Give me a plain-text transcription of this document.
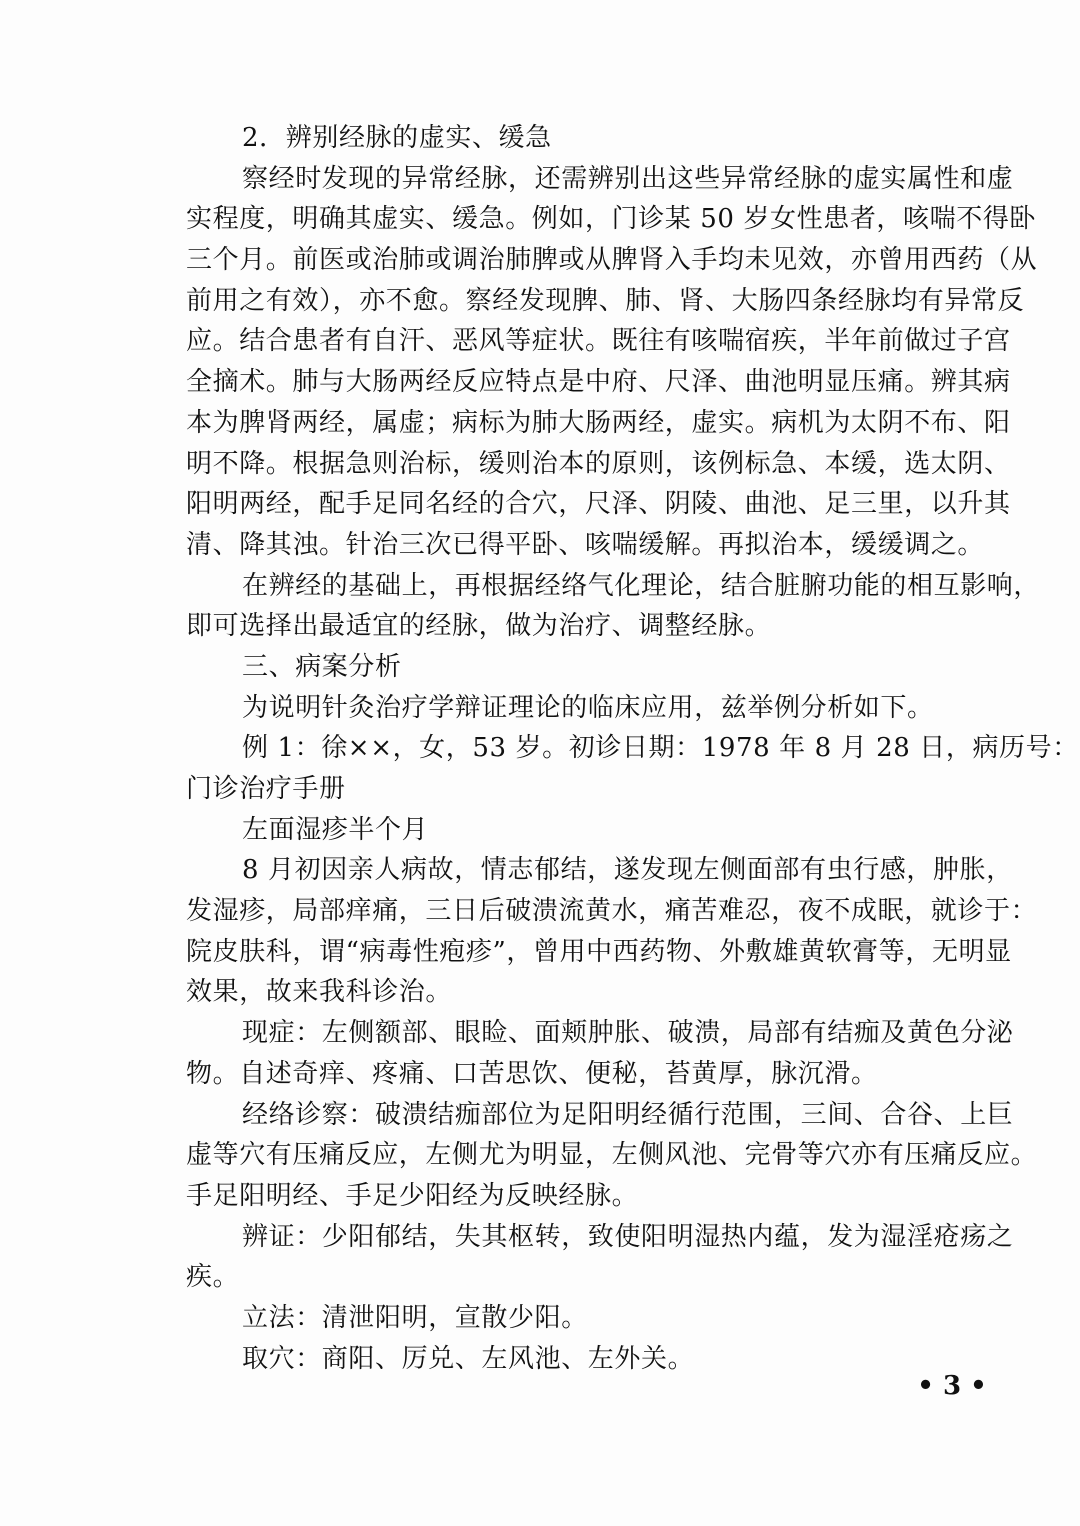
2．辨别经脉的虚实、缓急
察经时发现的异常经脉，还需辨别出这些异常经脉的虚实属性和虚
实程度，明确其虚实、缓急。例如，门诊某 50 岁女性患者，咳喘不得卧
三个月。前医或治肺或调治肺脾或从脾肾入手均未见效，亦曾用西药（从
前用之有效），亦不愈。察经发现脾、肺、肾、大肠四条经脉均有异常反
应。结合患者有自汗、恶风等症状。既往有咳喘宿疾，半年前做过子宫
全摘术。肺与大肠两经反应特点是中府、尺泽、曲池明显压痛。辨其病
本为脾肾两经，属虚；病标为肺大肠两经，虚实。病机为太阴不布、阳
明不降。根据急则治标，缓则治本的原则，该例标急、本缓，选太阴、
阳明两经，配手足同名经的合穴，尺泽、阴陵、曲池、足三里，以升其
清、降其浊。针治三次已得平卧、咳喘缓解。再拟治本，缓缓调之。
在辨经的基础上，再根据经络气化理论，结合脏腑功能的相互影响，
即可选择出最适宜的经脉，做为治疗、调整经脉。
三、病案分析
为说明针灸治疗学辩证理论的临床应用，兹举例分析如下。
例 1：徐××，女，53 岁。初诊日期：1978 年 8 月 28 日，病历号：
门诊治疗手册
左面湿疹半个月
8 月初因亲人病故，情志郁结，遂发现左侧面部有虫行感，肿胀，
发湿疹，局部痒痛，三日后破溃流黄水，痛苦难忍，夜不成眠，就诊于：
院皮肤科，谓“病毒性疱疹”，曾用中西药物、外敷雄黄软膏等，无明显
效果，故来我科诊治。
现症：左侧额部、眼睑、面颊肿胀、破溃，局部有结痂及黄色分泌
物。自述奇痒、疼痛、口苦思饮、便秘，苔黄厚，脉沉滑。
经络诊察：破溃结痂部位为足阳明经循行范围，三间、合谷、上巨
虚等穴有压痛反应，左侧尤为明显，左侧风池、完骨等穴亦有压痛反应。
手足阳明经、手足少阳经为反映经脉。
辨证：少阳郁结，失其枢转，致使阳明湿热内蕴，发为湿淫疮疡之
疾。
立法：清泄阳明，宣散少阳。
取穴：商阳、厉兑、左风池、左外关。
• 3 •
